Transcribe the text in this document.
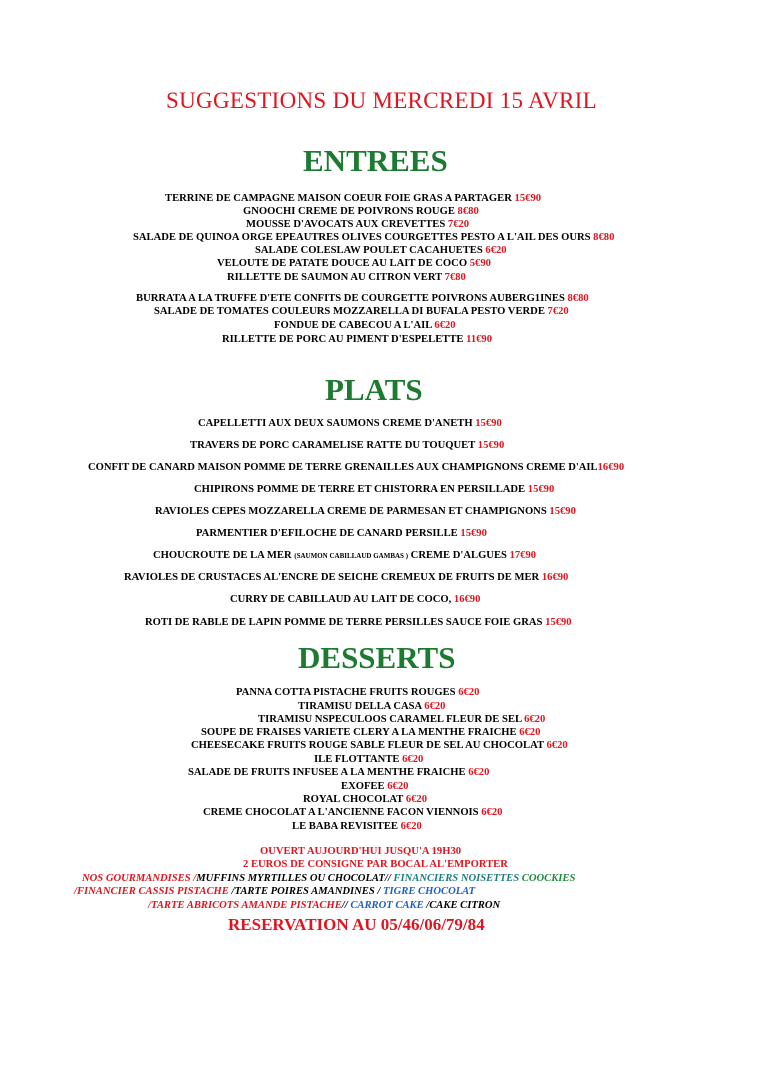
SUGGESTIONS DU MERCREDI 15 AVRIL
ENTREES
TERRINE DE CAMPAGNE MAISON COEUR FOIE GRAS A PARTAGER 15€90
GNOOCHI CREME DE POIVRONS ROUGE 8€80
MOUSSE D'AVOCATS AUX CREVETTES 7€20
SALADE DE QUINOA ORGE EPEAUTRES OLIVES COURGETTES PESTO A L'AIL DES OURS 8€80
SALADE COLESLAW POULET CACAHUETES 6€20
VELOUTE DE PATATE DOUCE AU LAIT DE COCO 5€90
RILLETTE DE SAUMON AU CITRON VERT 7€80
BURRATA A LA TRUFFE D'ETE CONFITS DE COURGETTE POIVRONS AUBERG1INES 8€80
SALADE DE TOMATES COULEURS MOZZARELLA DI BUFALA PESTO VERDE 7€20
FONDUE DE CABECOU A L'AIL 6€20
RILLETTE DE PORC AU PIMENT D'ESPELETTE 11€90
PLATS
CAPELLETTI AUX DEUX SAUMONS CREME D'ANETH 15€90
TRAVERS DE PORC CARAMELISE RATTE DU TOUQUET 15€90
CONFIT DE CANARD MAISON POMME DE TERRE GRENAILLES AUX CHAMPIGNONS CREME D'AIL16€90
CHIPIRONS POMME DE TERRE ET CHISTORRA EN PERSILLADE 15€90
RAVIOLES CEPES MOZZARELLA CREME DE PARMESAN ET CHAMPIGNONS 15€90
PARMENTIER D'EFILOCHE DE CANARD PERSILLE 15€90
CHOUCROUTE DE LA MER (SAUMON CABILLAUD GAMBAS ) CREME D'ALGUES 17€90
RAVIOLES DE CRUSTACES AL'ENCRE DE SEICHE CREMEUX DE FRUITS DE MER 16€90
CURRY DE CABILLAUD AU LAIT DE COCO, 16€90
ROTI DE RABLE DE LAPIN POMME DE TERRE PERSILLES SAUCE FOIE GRAS 15€90
DESSERTS
PANNA COTTA PISTACHE FRUITS ROUGES 6€20
TIRAMISU DELLA CASA 6€20
TIRAMISU NSPECULOOS CARAMEL FLEUR DE SEL 6€20
SOUPE DE FRAISES VARIETE CLERY A LA MENTHE FRAICHE 6€20
CHEESECAKE FRUITS ROUGE SABLE FLEUR DE SEL AU CHOCOLAT 6€20
ILE FLOTTANTE 6€20
SALADE DE FRUITS INFUSEE A LA MENTHE FRAICHE 6€20
EXOFEE 6€20
ROYAL CHOCOLAT 6€20
CREME CHOCOLAT A L'ANCIENNE FACON VIENNOIS 6€20
LE BABA REVISITEE 6€20
OUVERT AUJOURD'HUI JUSQU'A 19H30
2 EUROS DE CONSIGNE PAR BOCAL AL'EMPORTER
NOS GOURMANDISES /MUFFINS MYRTILLES OU CHOCOLAT// FINANCIERS NOISETTES COOCKIES
/FINANCIER CASSIS PISTACHE /TARTE POIRES AMANDINES / TIGRE CHOCOLAT
/TARTE ABRICOTS AMANDE PISTACHE// CARROT CAKE /CAKE CITRON
RESERVATION AU 05/46/06/79/84
